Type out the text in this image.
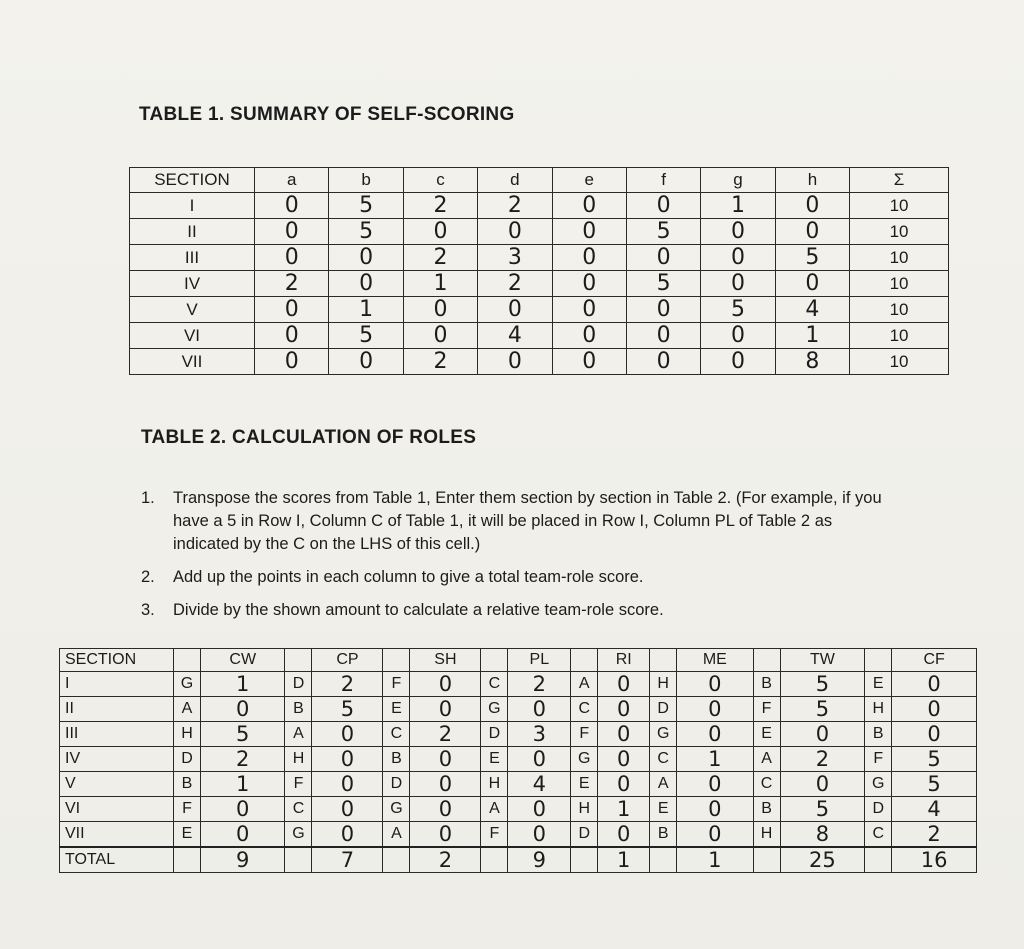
TABLE 1. SUMMARY OF SELF-SCORING
SECTION	a	b	c	d	e	f	g	h	Σ
I	0	5	2	2	0	0	1	0	10
II	0	5	0	0	0	5	0	0	10
III	0	0	2	3	0	0	0	5	10
IV	2	0	1	2	0	5	0	0	10
V	0	1	0	0	0	0	5	4	10
VI	0	5	0	4	0	0	0	1	10
VII	0	0	2	0	0	0	0	8	10
TABLE 2. CALCULATION OF ROLES
1.	Transpose the scores from Table 1, Enter them section by section in Table 2. (For example, if you have a 5 in Row I, Column C of Table 1, it will be placed in Row I, Column PL of Table 2 as indicated by the C on the LHS of this cell.)
2.	Add up the points in each column to give a total team-role score.
3.	Divide by the shown amount to calculate a relative team-role score.
SECTION		CW		CP		SH		PL		RI		ME		TW		CF
I	G	1	D	2	F	0	C	2	A	0	H	0	B	5	E	0
II	A	0	B	5	E	0	G	0	C	0	D	0	F	5	H	0
III	H	5	A	0	C	2	D	3	F	0	G	0	E	0	B	0
IV	D	2	H	0	B	0	E	0	G	0	C	1	A	2	F	5
V	B	1	F	0	D	0	H	4	E	0	A	0	C	0	G	5
VI	F	0	C	0	G	0	A	0	H	1	E	0	B	5	D	4
VII	E	0	G	0	A	0	F	0	D	0	B	0	H	8	C	2
TOTAL		9		7		2		9		1		1		25		16
